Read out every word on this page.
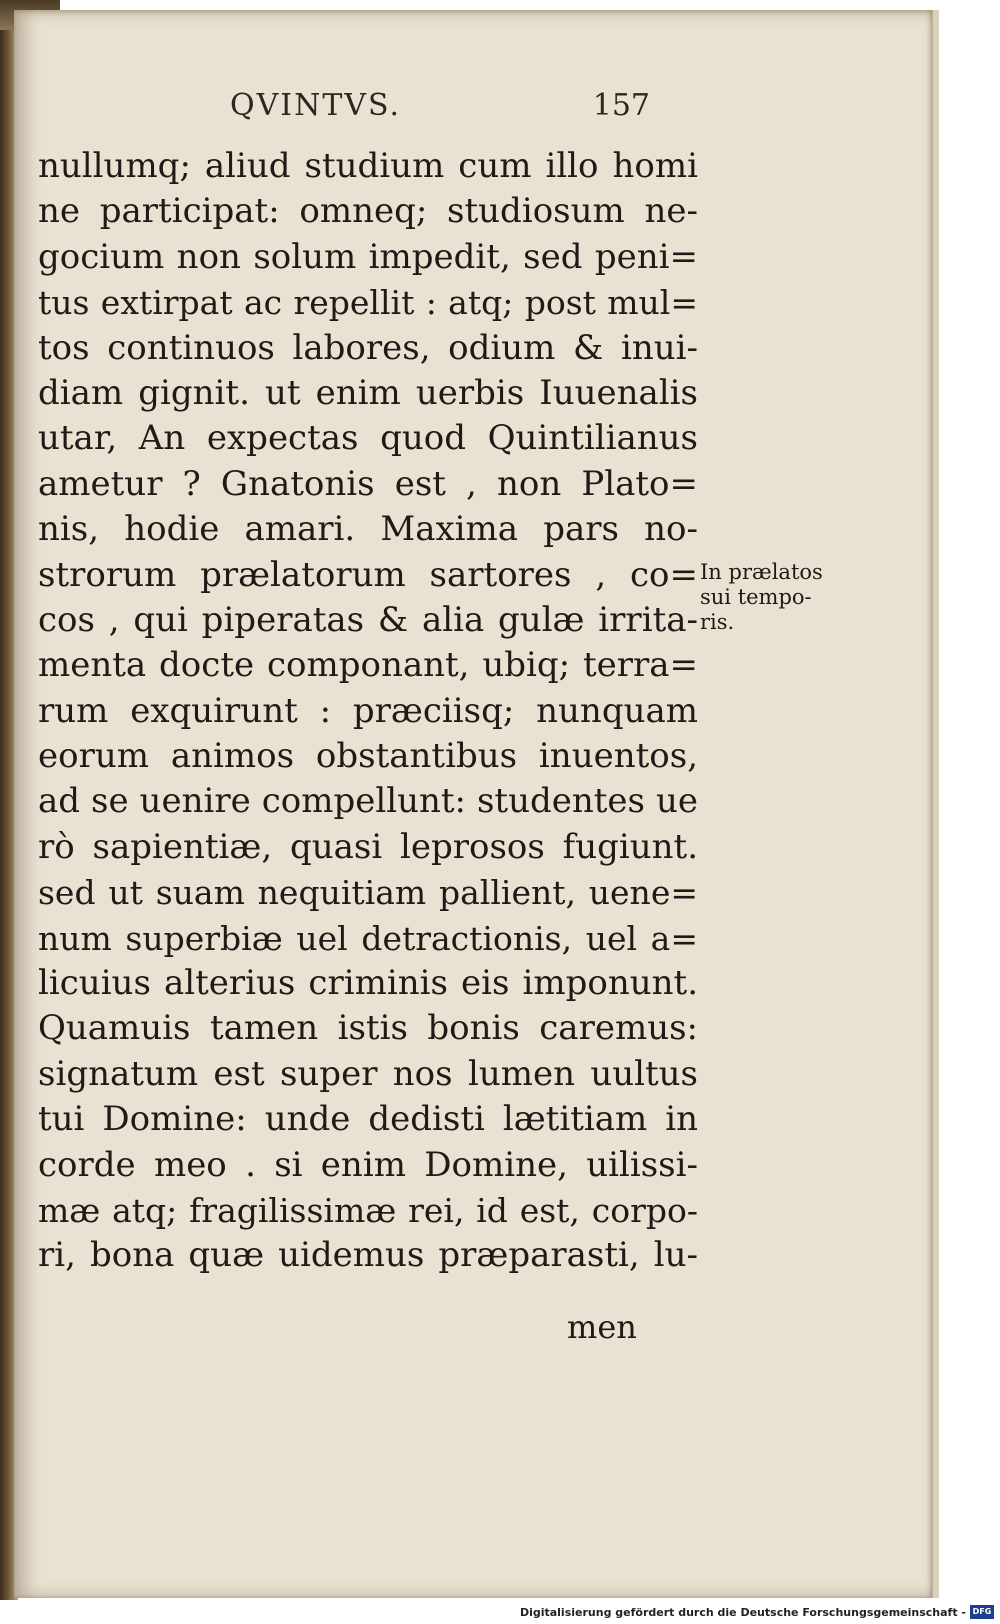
QVINTVS.	157
nullumq; aliud studium cum illo homi
ne participat: omneq; studiosum ne-
gocium non solum impedit, sed peni=
tus extirpat ac repellit : atq; post mul=
tos continuos labores, odium & inui-
diam gignit. ut enim uerbis Iuuenalis
utar, An expectas quod Quintilianus
ametur ? Gnatonis est , non Plato=
nis, hodie amari. Maxima pars no-
strorum prælatorum sartores , co=
cos , qui piperatas & alia gulæ irrita-
menta docte componant, ubiq; terra=
rum exquirunt : præciisq; nunquam
eorum animos obstantibus inuentos,
ad se uenire compellunt: studentes ue
rò sapientiæ, quasi leprosos fugiunt.
sed ut suam nequitiam pallient, uene=
num superbiæ uel detractionis, uel a=
licuius alterius criminis eis imponunt.
Quamuis tamen istis bonis caremus:
signatum est super nos lumen uultus
tui Domine: unde dedisti lætitiam in
corde meo . si enim Domine, uilissi-
mæ atq; fragilissimæ rei, id est, corpo-
ri, bona quæ uidemus præparasti, lu-
men
In prælatos
sui tempo-
ris.
Digitalisierung gefördert durch die Deutsche Forschungsgemeinschaft - DFG
